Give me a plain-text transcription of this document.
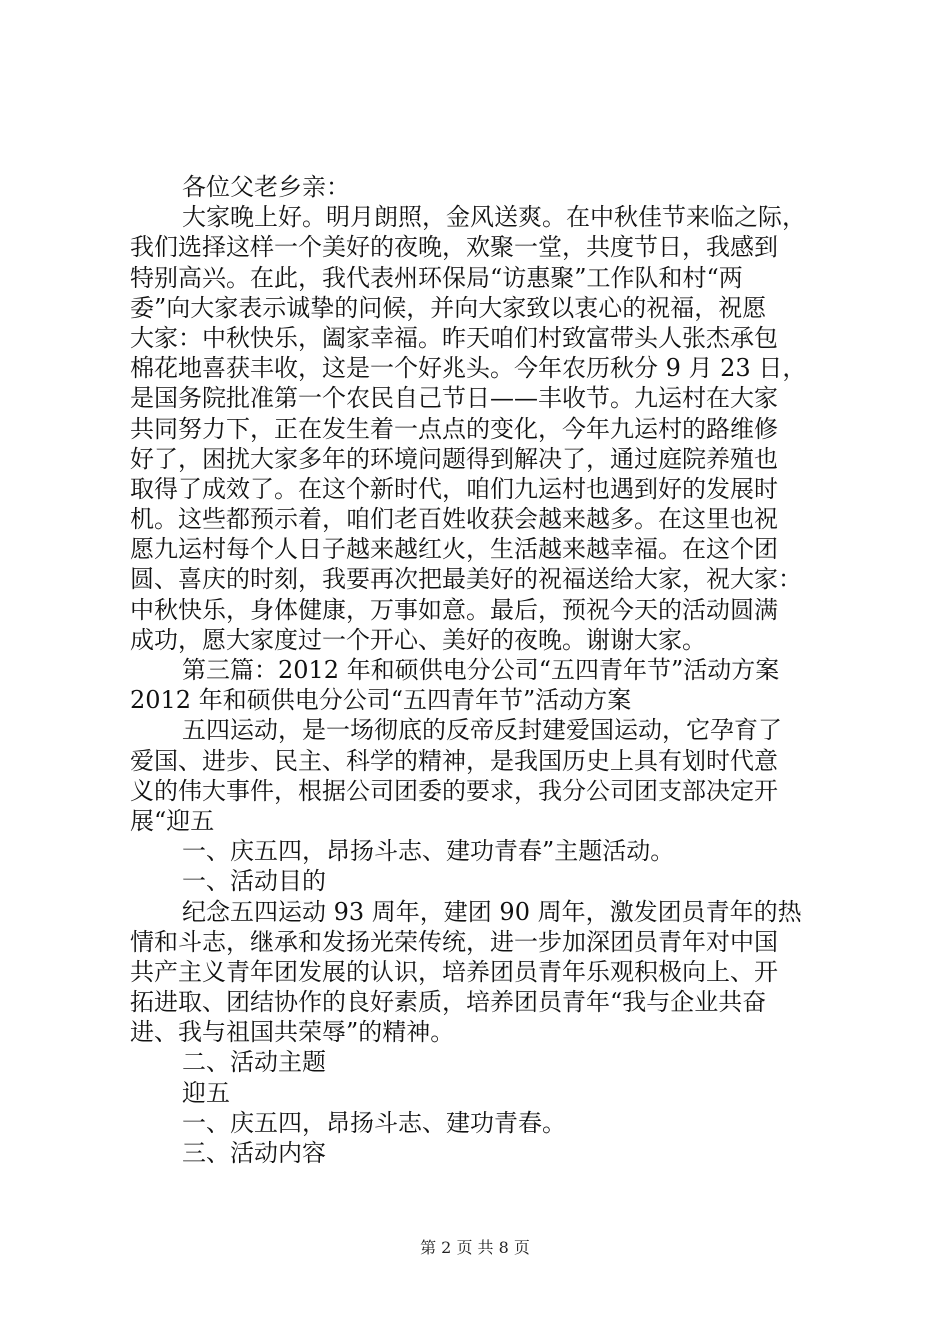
各位父老乡亲：
大家晚上好。明月朗照，金风送爽。在中秋佳节来临之际，
我们选择这样一个美好的夜晚，欢聚一堂，共度节日，我感到
特别高兴。在此，我代表州环保局“访惠聚”工作队和村“两
委”向大家表示诚挚的问候，并向大家致以衷心的祝福，祝愿
大家：中秋快乐，阖家幸福。昨天咱们村致富带头人张杰承包
棉花地喜获丰收，这是一个好兆头。今年农历秋分 9 月 23 日，
是国务院批准第一个农民自己节日——丰收节。九运村在大家
共同努力下，正在发生着一点点的变化，今年九运村的路维修
好了，困扰大家多年的环境问题得到解决了，通过庭院养殖也
取得了成效了。在这个新时代，咱们九运村也遇到好的发展时
机。这些都预示着，咱们老百姓收获会越来越多。在这里也祝
愿九运村每个人日子越来越红火，生活越来越幸福。在这个团
圆、喜庆的时刻，我要再次把最美好的祝福送给大家，祝大家：
中秋快乐，身体健康，万事如意。最后，预祝今天的活动圆满
成功，愿大家度过一个开心、美好的夜晚。谢谢大家。
第三篇：2012 年和硕供电分公司“五四青年节”活动方案
2012 年和硕供电分公司“五四青年节”活动方案
五四运动，是一场彻底的反帝反封建爱国运动，它孕育了
爱国、进步、民主、科学的精神，是我国历史上具有划时代意
义的伟大事件，根据公司团委的要求，我分公司团支部决定开
展“迎五
一、庆五四，昂扬斗志、建功青春”主题活动。
一、活动目的
纪念五四运动 93 周年，建团 90 周年，激发团员青年的热
情和斗志，继承和发扬光荣传统，进一步加深团员青年对中国
共产主义青年团发展的认识，培养团员青年乐观积极向上、开
拓进取、团结协作的良好素质，培养团员青年“我与企业共奋
进、我与祖国共荣辱”的精神。
二、活动主题
迎五
一、庆五四，昂扬斗志、建功青春。
三、活动内容
第 2 页 共 8 页
